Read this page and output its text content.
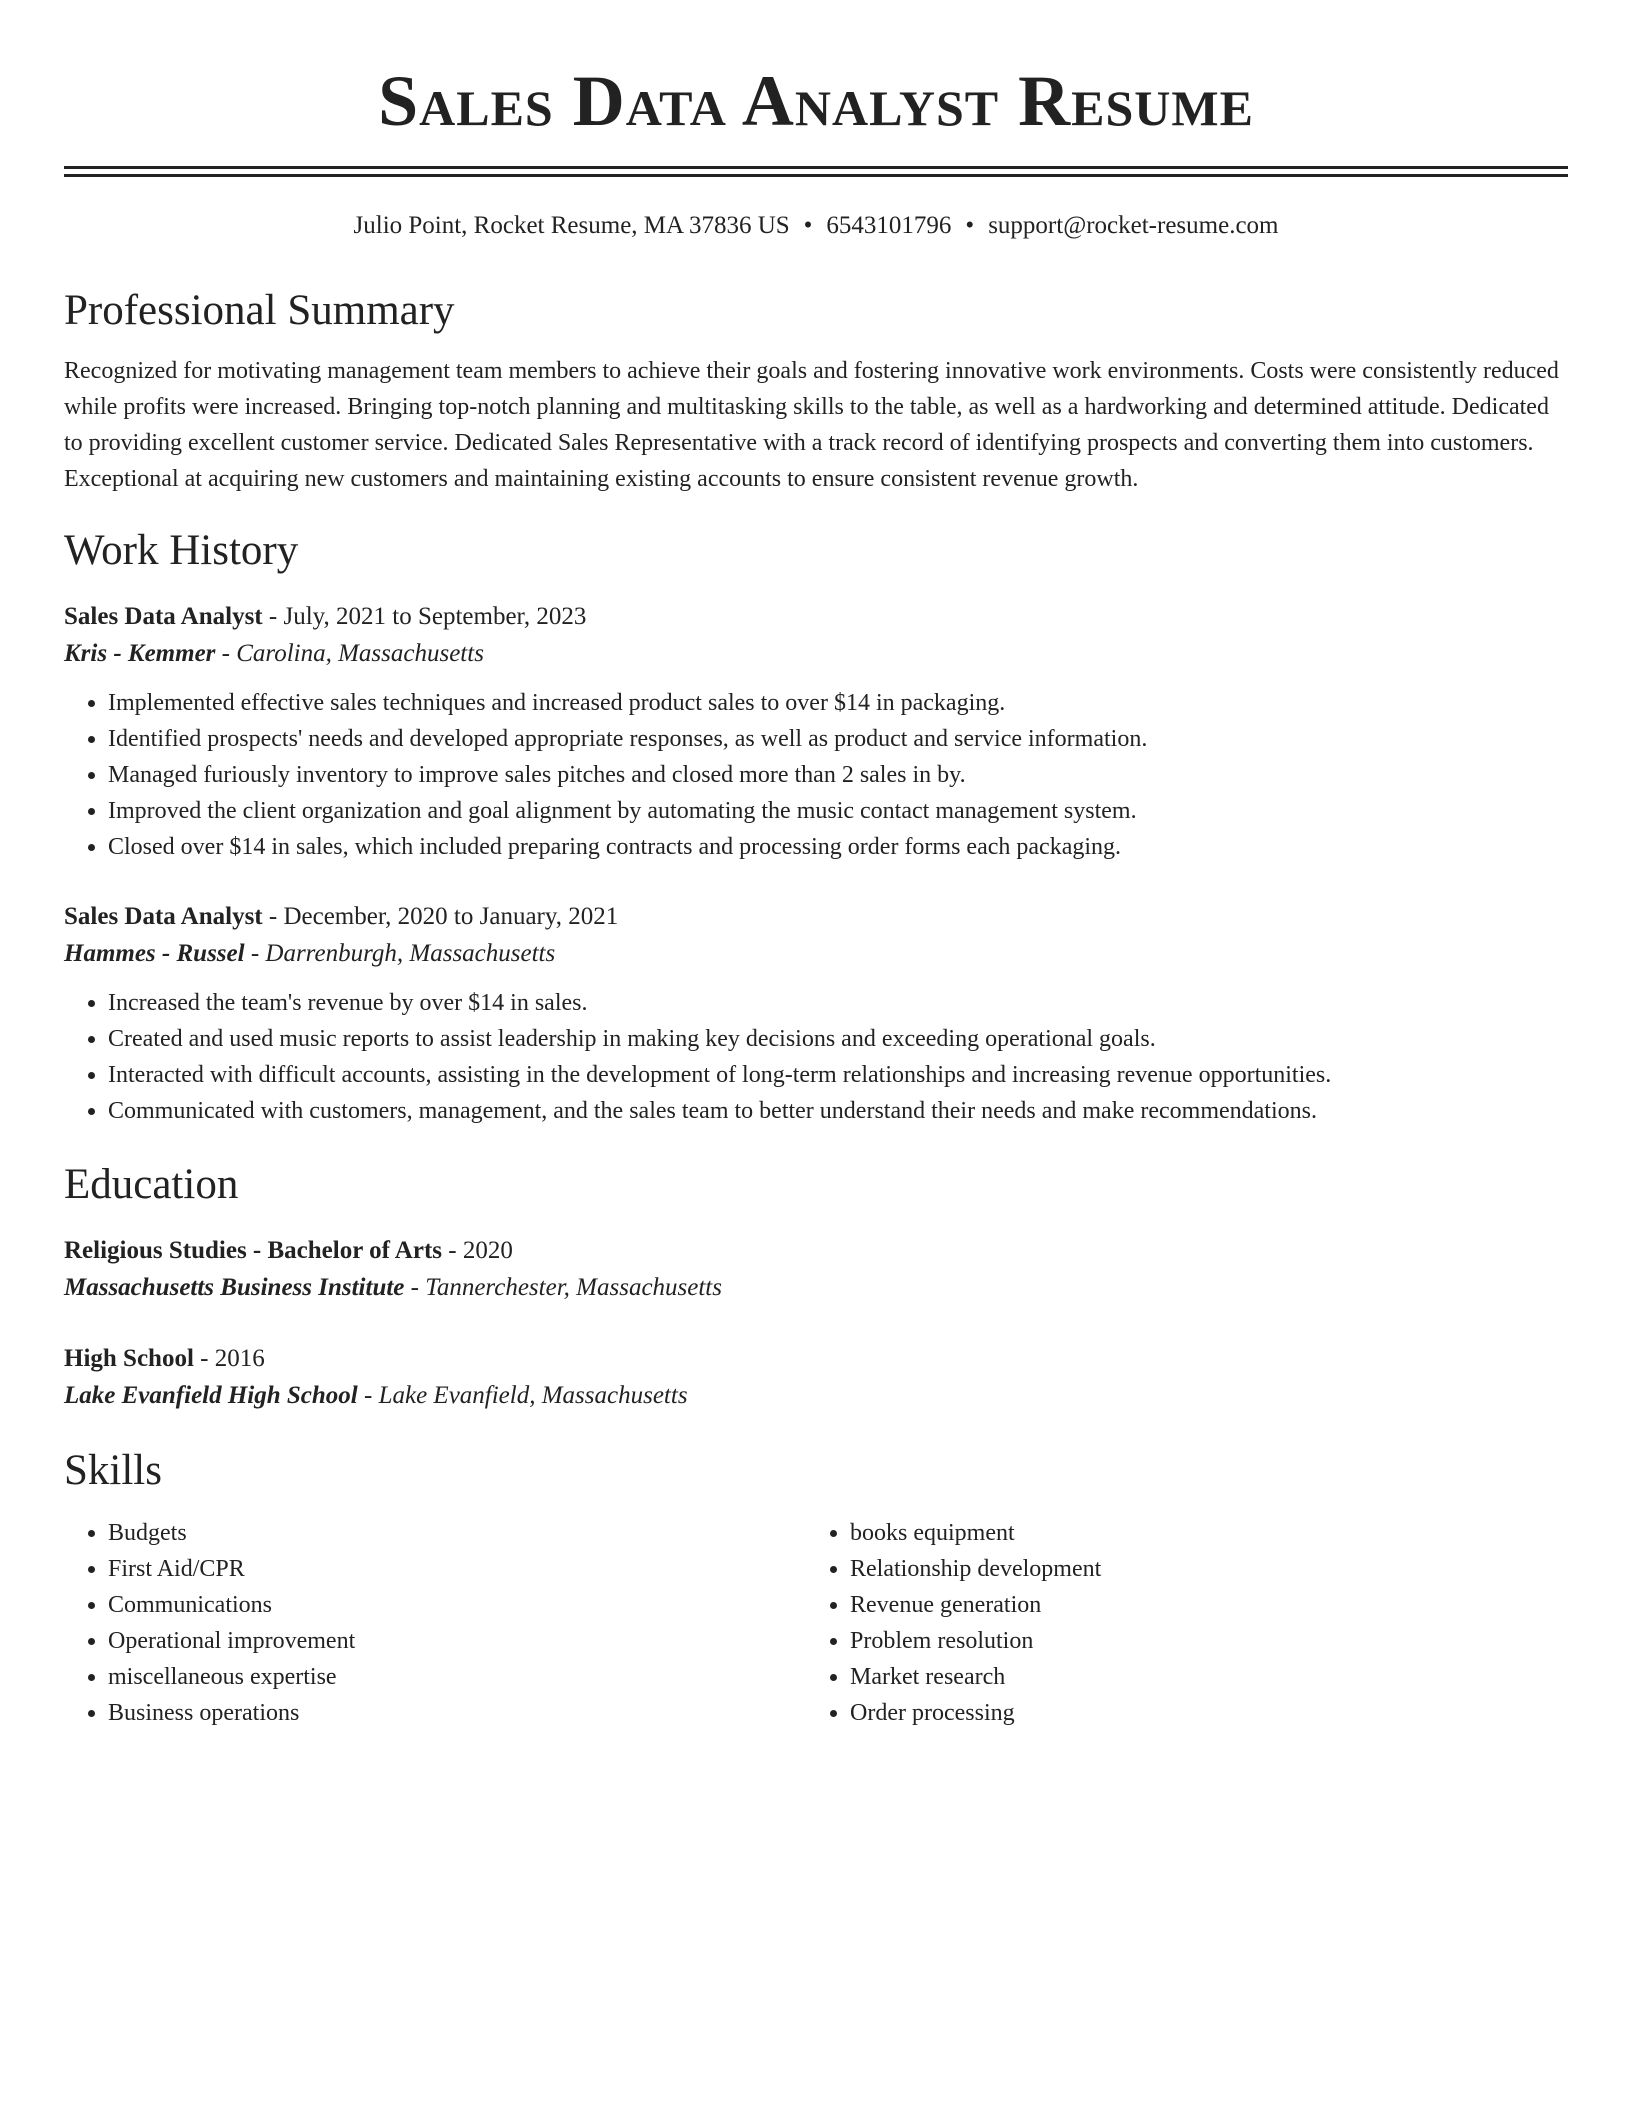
Sales Data Analyst Resume
Julio Point, Rocket Resume, MA 37836 US • 6543101796 • support@rocket-resume.com
Professional Summary

Recognized for motivating management team members to achieve their goals and fostering innovative work environments. Costs were consistently reduced while profits were increased. Bringing top-notch planning and multitasking skills to the table, as well as a hardworking and determined attitude. Dedicated to providing excellent customer service. Dedicated Sales Representative with a track record of identifying prospects and converting them into customers. Exceptional at acquiring new customers and maintaining existing accounts to ensure consistent revenue growth.

Work History
Sales Data Analyst - July, 2021 to September, 2023
Kris - Kemmer - Carolina, Massachusetts
• Implemented effective sales techniques and increased product sales to over $14 in packaging.
• Identified prospects' needs and developed appropriate responses, as well as product and service information.
• Managed furiously inventory to improve sales pitches and closed more than 2 sales in by.
• Improved the client organization and goal alignment by automating the music contact management system.
• Closed over $14 in sales, which included preparing contracts and processing order forms each packaging.
Sales Data Analyst - December, 2020 to January, 2021
Hammes - Russel - Darrenburgh, Massachusetts
• Increased the team's revenue by over $14 in sales.
• Created and used music reports to assist leadership in making key decisions and exceeding operational goals.
• Interacted with difficult accounts, assisting in the development of long-term relationships and increasing revenue opportunities.
• Communicated with customers, management, and the sales team to better understand their needs and make recommendations.
Education
Religious Studies - Bachelor of Arts - 2020
Massachusetts Business Institute - Tannerchester, Massachusetts
High School - 2016
Lake Evanfield High School - Lake Evanfield, Massachusetts
Skills
• Budgets
• First Aid/CPR
• Communications
• Operational improvement
• miscellaneous expertise
• Business operations
• books equipment
• Relationship development
• Revenue generation
• Problem resolution
• Market research
• Order processing
